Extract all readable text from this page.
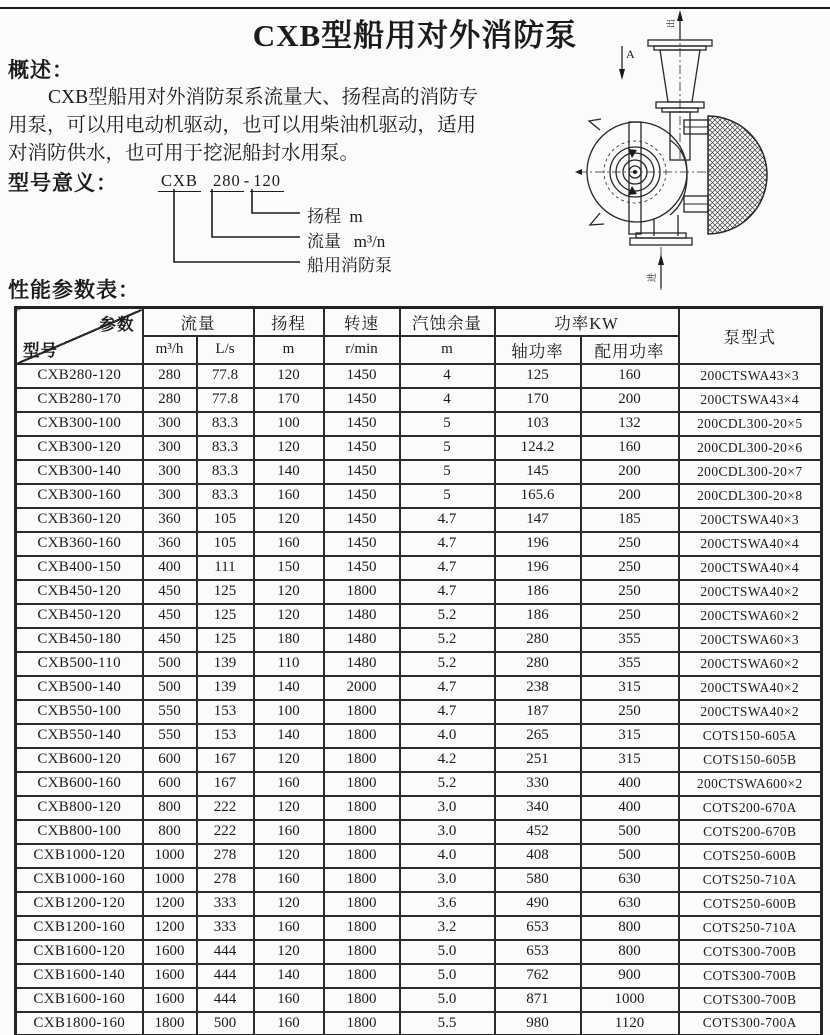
CXB型船用对外消防泵
A
出
进
概述：
CXB型船用对外消防泵系流量大、扬程高的消防专
用泵，可以用电动机驱动，也可以用柴油机驱动，适用
对消防供水，也可用于挖泥船封水用泵。
型号意义：	CXB 280 - 120
扬程  m
流量   m³/n
船用消防泵
性能参数表：
参数
型号	流量		扬程	转速	汽蚀余量	功率KW		泵型式
	m³/h	L/s	m	r/min	m	轴功率	配用功率	
CXB280-120	280	77.8	120	1450	4	125	160	200CTSWA43×3
CXB280-170	280	77.8	170	1450	4	170	200	200CTSWA43×4
CXB300-100	300	83.3	100	1450	5	103	132	200CDL300-20×5
CXB300-120	300	83.3	120	1450	5	124.2	160	200CDL300-20×6
CXB300-140	300	83.3	140	1450	5	145	200	200CDL300-20×7
CXB300-160	300	83.3	160	1450	5	165.6	200	200CDL300-20×8
CXB360-120	360	105	120	1450	4.7	147	185	200CTSWA40×3
CXB360-160	360	105	160	1450	4.7	196	250	200CTSWA40×4
CXB400-150	400	111	150	1450	4.7	196	250	200CTSWA40×4
CXB450-120	450	125	120	1800	4.7	186	250	200CTSWA40×2
CXB450-120	450	125	120	1480	5.2	186	250	200CTSWA60×2
CXB450-180	450	125	180	1480	5.2	280	355	200CTSWA60×3
CXB500-110	500	139	110	1480	5.2	280	355	200CTSWA60×2
CXB500-140	500	139	140	2000	4.7	238	315	200CTSWA40×2
CXB550-100	550	153	100	1800	4.7	187	250	200CTSWA40×2
CXB550-140	550	153	140	1800	4.0	265	315	COTS150-605A
CXB600-120	600	167	120	1800	4.2	251	315	COTS150-605B
CXB600-160	600	167	160	1800	5.2	330	400	200CTSWA600×2
CXB800-120	800	222	120	1800	3.0	340	400	COTS200-670A
CXB800-100	800	222	160	1800	3.0	452	500	COTS200-670B
CXB1000-120	1000	278	120	1800	4.0	408	500	COTS250-600B
CXB1000-160	1000	278	160	1800	3.0	580	630	COTS250-710A
CXB1200-120	1200	333	120	1800	3.6	490	630	COTS250-600B
CXB1200-160	1200	333	160	1800	3.2	653	800	COTS250-710A
CXB1600-120	1600	444	120	1800	5.0	653	800	COTS300-700B
CXB1600-140	1600	444	140	1800	5.0	762	900	COTS300-700B
CXB1600-160	1600	444	160	1800	5.0	871	1000	COTS300-700B
CXB1800-160	1800	500	160	1800	5.5	980	1120	COTS300-700A
